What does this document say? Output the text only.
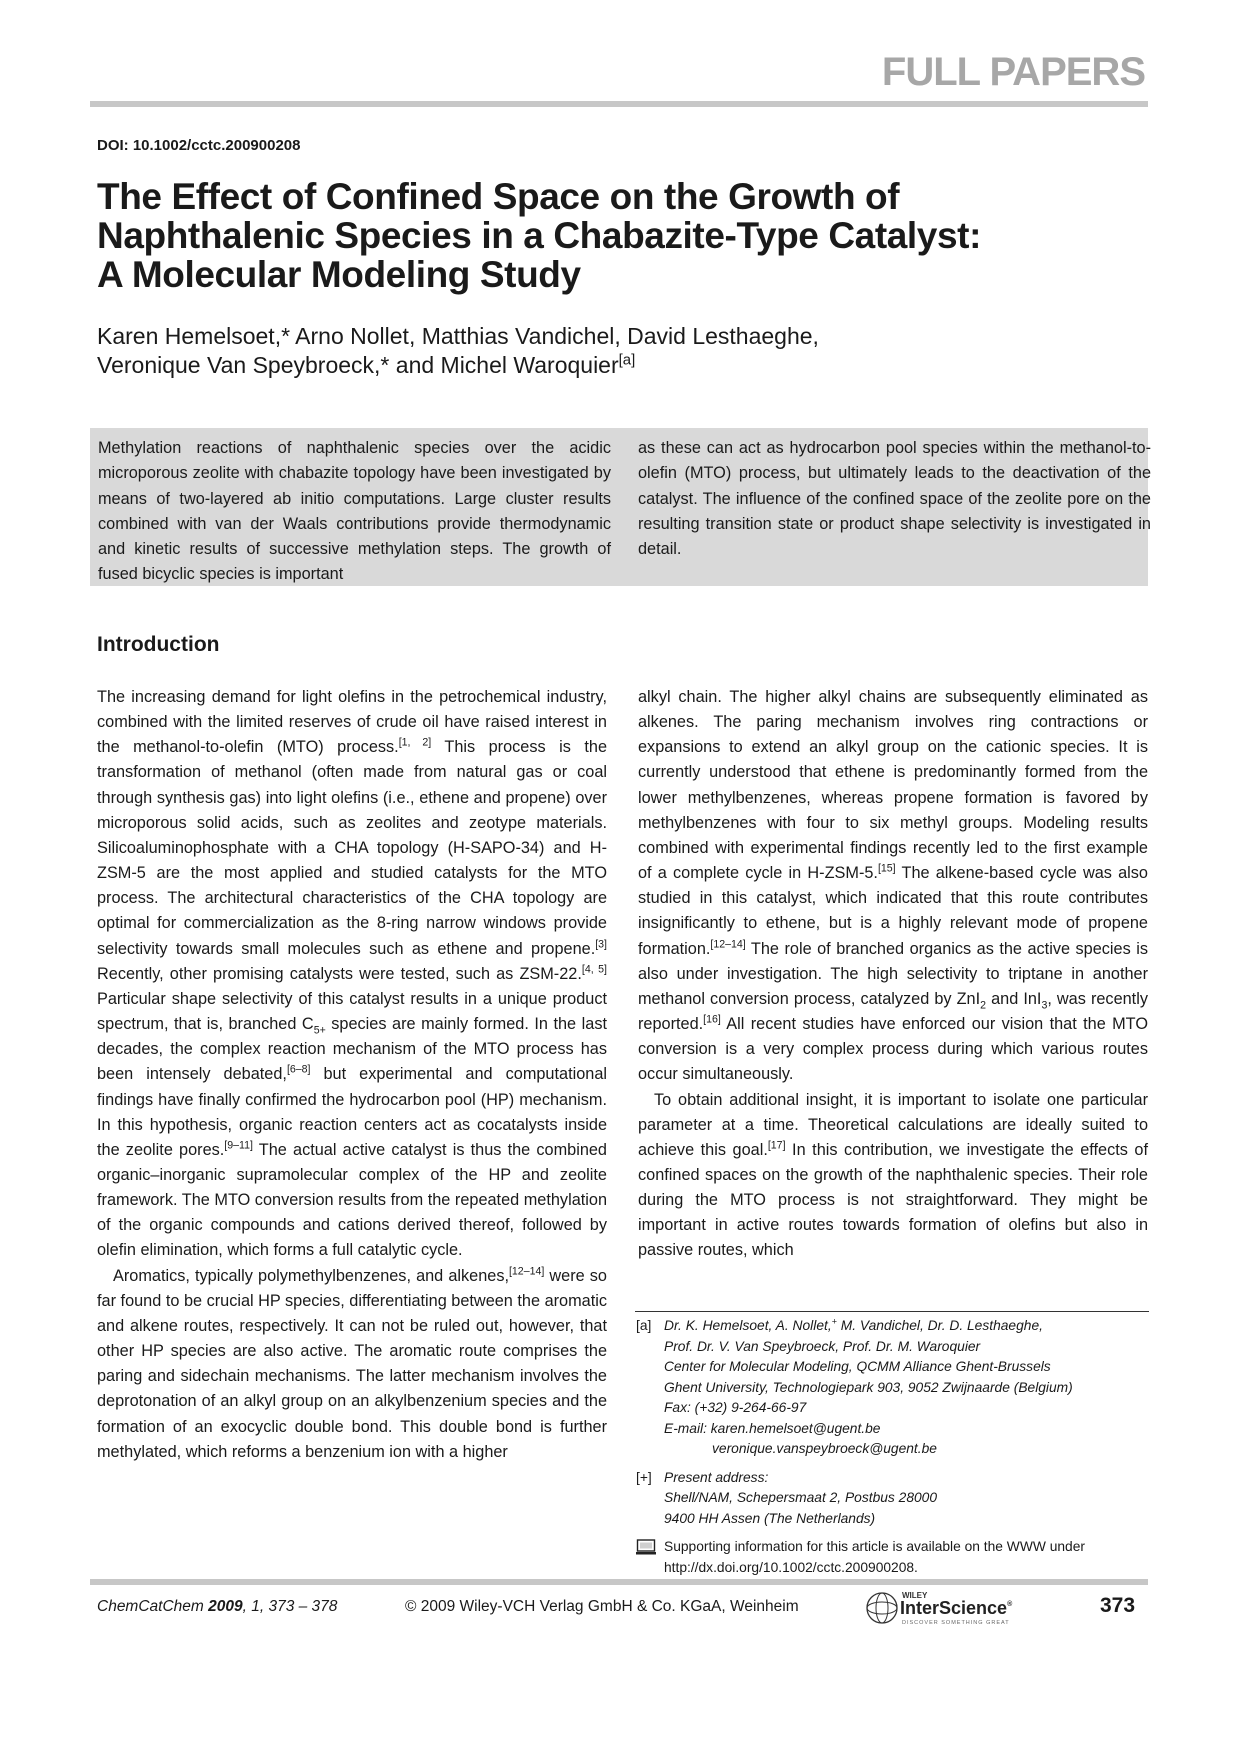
FULL PAPERS
DOI: 10.1002/cctc.200900208
The Effect of Confined Space on the Growth of
Naphthalenic Species in a Chabazite-Type Catalyst:
A Molecular Modeling Study
Karen Hemelsoet,* Arno Nollet, Matthias Vandichel, David Lesthaeghe,
Veronique Van Speybroeck,* and Michel Waroquier[a]
Methylation reactions of naphthalenic species over the acidic microporous zeolite with chabazite topology have been investigated by means of two-layered ab initio computations. Large cluster results combined with van der Waals contributions provide thermodynamic and kinetic results of successive methylation steps. The growth of fused bicyclic species is important
as these can act as hydrocarbon pool species within the methanol-to-olefin (MTO) process, but ultimately leads to the deactivation of the catalyst. The influence of the confined space of the zeolite pore on the resulting transition state or product shape selectivity is investigated in detail.
Introduction

The increasing demand for light olefins in the petrochemical industry, combined with the limited reserves of crude oil have raised interest in the methanol-to-olefin (MTO) process.[1, 2] This process is the transformation of methanol (often made from natural gas or coal through synthesis gas) into light olefins (i.e., ethene and propene) over microporous solid acids, such as zeolites and zeotype materials. Silicoaluminophosphate with a CHA topology (H-SAPO-34) and H-ZSM-5 are the most applied and studied catalysts for the MTO process. The architectural characteristics of the CHA topology are optimal for commercialization as the 8-ring narrow windows provide selectivity towards small molecules such as ethene and propene.[3] Recently, other promising catalysts were tested, such as ZSM-22.[4, 5] Particular shape selectivity of this catalyst results in a unique product spectrum, that is, branched $C_{5+}$ species are mainly formed. In the last decades, the complex reaction mechanism of the MTO process has been intensely debated,[6–8] but experimental and computational findings have finally confirmed the hydrocarbon pool (HP) mechanism. In this hypothesis, organic reaction centers act as cocatalysts inside the zeolite pores.[9–11] The actual active catalyst is thus the combined organic–inorganic supramolecular complex of the HP and zeolite framework. The MTO conversion results from the repeated methylation of the organic compounds and cations derived thereof, followed by olefin elimination, which forms a full catalytic cycle.

Aromatics, typically polymethylbenzenes, and alkenes,[12–14] were so far found to be crucial HP species, differentiating between the aromatic and alkene routes, respectively. It can not be ruled out, however, that other HP species are also active. The aromatic route comprises the paring and sidechain mechanisms. The latter mechanism involves the deprotonation of an alkyl group on an alkylbenzenium species and the formation of an exocyclic double bond. This double bond is further methylated, which reforms a benzenium ion with a higher

alkyl chain. The higher alkyl chains are subsequently eliminated as alkenes. The paring mechanism involves ring contractions or expansions to extend an alkyl group on the cationic species. It is currently understood that ethene is predominantly formed from the lower methylbenzenes, whereas propene formation is favored by methylbenzenes with four to six methyl groups. Modeling results combined with experimental findings recently led to the first example of a complete cycle in H-ZSM-5.[15] The alkene-based cycle was also studied in this catalyst, which indicated that this route contributes insignificantly to ethene, but is a highly relevant mode of propene formation.[12–14] The role of branched organics as the active species is also under investigation. The high selectivity to triptane in another methanol conversion process, catalyzed by ZnI$_2$ and InI$_3$, was recently reported.[16] All recent studies have enforced our vision that the MTO conversion is a very complex process during which various routes occur simultaneously.

To obtain additional insight, it is important to isolate one particular parameter at a time. Theoretical calculations are ideally suited to achieve this goal.[17] In this contribution, we investigate the effects of confined spaces on the growth of the naphthalenic species. Their role during the MTO process is not straightforward. They might be important in active routes towards formation of olefins but also in passive routes, which

[a] Dr. K. Hemelsoet, A. Nollet,+ M. Vandichel, Dr. D. Lesthaeghe,
Prof. Dr. V. Van Speybroeck, Prof. Dr. M. Waroquier
Center for Molecular Modeling, QCMM Alliance Ghent-Brussels
Ghent University, Technologiepark 903, 9052 Zwijnaarde (Belgium)
Fax: (+32) 9-264-66-97
E-mail: karen.hemelsoet@ugent.be
veronique.vanspeybroeck@ugent.be
[+] Present address:
Shell/NAM, Schepersmaat 2, Postbus 28000
9400 HH Assen (The Netherlands)
Supporting information for this article is available on the WWW under http://dx.doi.org/10.1002/cctc.200900208.
ChemCatChem 2009, 1, 373 – 378	© 2009 Wiley-VCH Verlag GmbH & Co. KGaA, Weinheim
WILEY
InterScience®
DISCOVER SOMETHING GREAT
373
